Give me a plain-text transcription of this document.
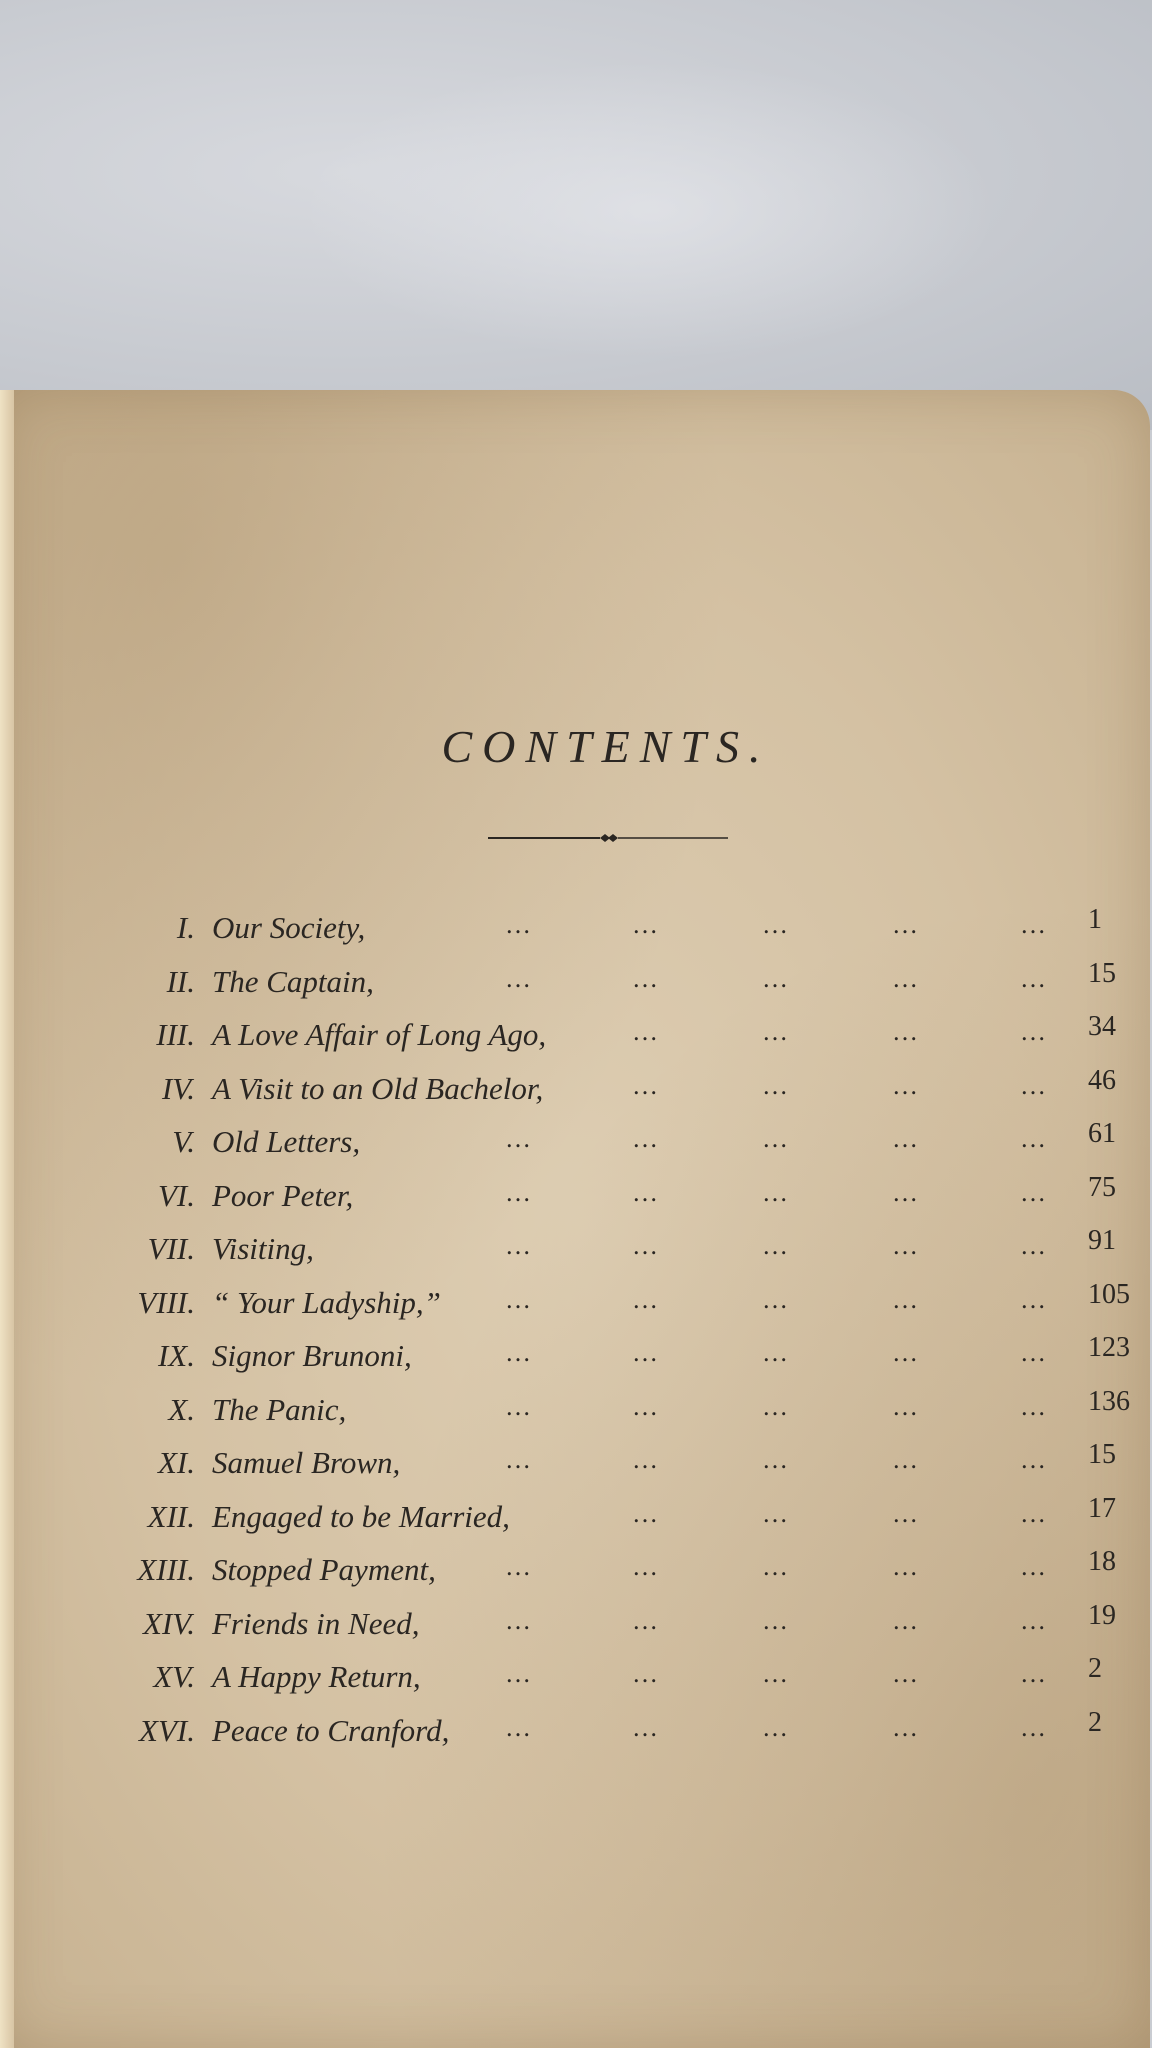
CONTENTS.
I. Our Society,	…	…	…	…	… 1
II. The Captain,	…	…	…	…	… 15
III. A Love Affair of Long Ago,	…	…	…	… 34
IV. A Visit to an Old Bachelor,	…	…	…	… 46
V. Old Letters,	…	…	…	…	… 61
VI. Poor Peter,	…	…	…	…	… 75
VII. Visiting,	…	…	…	…	… 91
VIII. “ Your Ladyship,” …	…	…	…	… 105
IX. Signor Brunoni,	…	…	…	…	… 123
X. The Panic,	…	…	…	…	… 136
XI. Samuel Brown,	…	…	…	…	… 15
XII. Engaged to be Married,	…	…	…	… 17
XIII. Stopped Payment,	…	…	…	…	… 18
XIV. Friends in Need,	…	…	…	…	… 19
XV. A Happy Return,	…	…	…	…	… 2
XVI. Peace to Cranford, …	…	…	…	… 2
